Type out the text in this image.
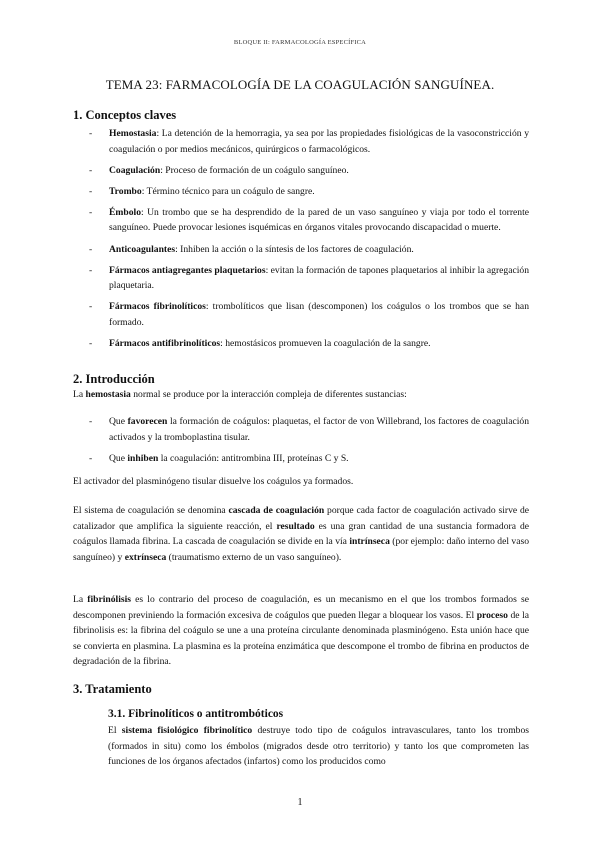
BLOQUE II: FARMACOLOGÍA ESPECÍFICA
TEMA 23: FARMACOLOGÍA DE LA COAGULACIÓN SANGUÍNEA.
1. Conceptos claves
- Hemostasia: La detención de la hemorragia, ya sea por las propiedades fisiológicas de la vasoconstricción y coagulación o por medios mecánicos, quirúrgicos o farmacológicos.
- Coagulación: Proceso de formación de un coágulo sanguíneo.
- Trombo: Término técnico para un coágulo de sangre.
- Émbolo: Un trombo que se ha desprendido de la pared de un vaso sanguíneo y viaja por todo el torrente sanguíneo. Puede provocar lesiones isquémicas en órganos vitales provocando discapacidad o muerte.
- Anticoagulantes: Inhiben la acción o la síntesis de los factores de coagulación.
- Fármacos antiagregantes plaquetarios: evitan la formación de tapones plaquetarios al inhibir la agregación plaquetaria.
- Fármacos fibrinolíticos: trombolíticos que lisan (descomponen) los coágulos o los trombos que se han formado.
- Fármacos antifibrinolíticos: hemostásicos promueven la coagulación de la sangre.
2. Introducción

La hemostasia normal se produce por la interacción compleja de diferentes sustancias:

- Que favorecen la formación de coágulos: plaquetas, el factor de von Willebrand, los factores de coagulación activados y la tromboplastina tisular.
- Que inhiben la coagulación: antitrombina III, proteínas C y S.

El activador del plasminógeno tisular disuelve los coágulos ya formados.

El sistema de coagulación se denomina cascada de coagulación porque cada factor de coagulación activado sirve de catalizador que amplifica la siguiente reacción, el resultado es una gran cantidad de una sustancia formadora de coágulos llamada fibrina. La cascada de coagulación se divide en la vía intrínseca (por ejemplo: daño interno del vaso sanguíneo) y extrínseca (traumatismo externo de un vaso sanguíneo).

La fibrinólisis es lo contrario del proceso de coagulación, es un mecanismo en el que los trombos formados se descomponen previniendo la formación excesiva de coágulos que pueden llegar a bloquear los vasos. El proceso de la fibrinolisis es: la fibrina del coágulo se une a una proteína circulante denominada plasminógeno. Esta unión hace que se convierta en plasmina. La plasmina es la proteína enzimática que descompone el trombo de fibrina en productos de degradación de la fibrina.

3. Tratamiento
3.1. Fibrinolíticos o antitrombóticos

El sistema fisiológico fibrinolítico destruye todo tipo de coágulos intravasculares, tanto los trombos (formados in situ) como los émbolos (migrados desde otro territorio) y tanto los que comprometen las funciones de los órganos afectados (infartos) como los producidos como

1
